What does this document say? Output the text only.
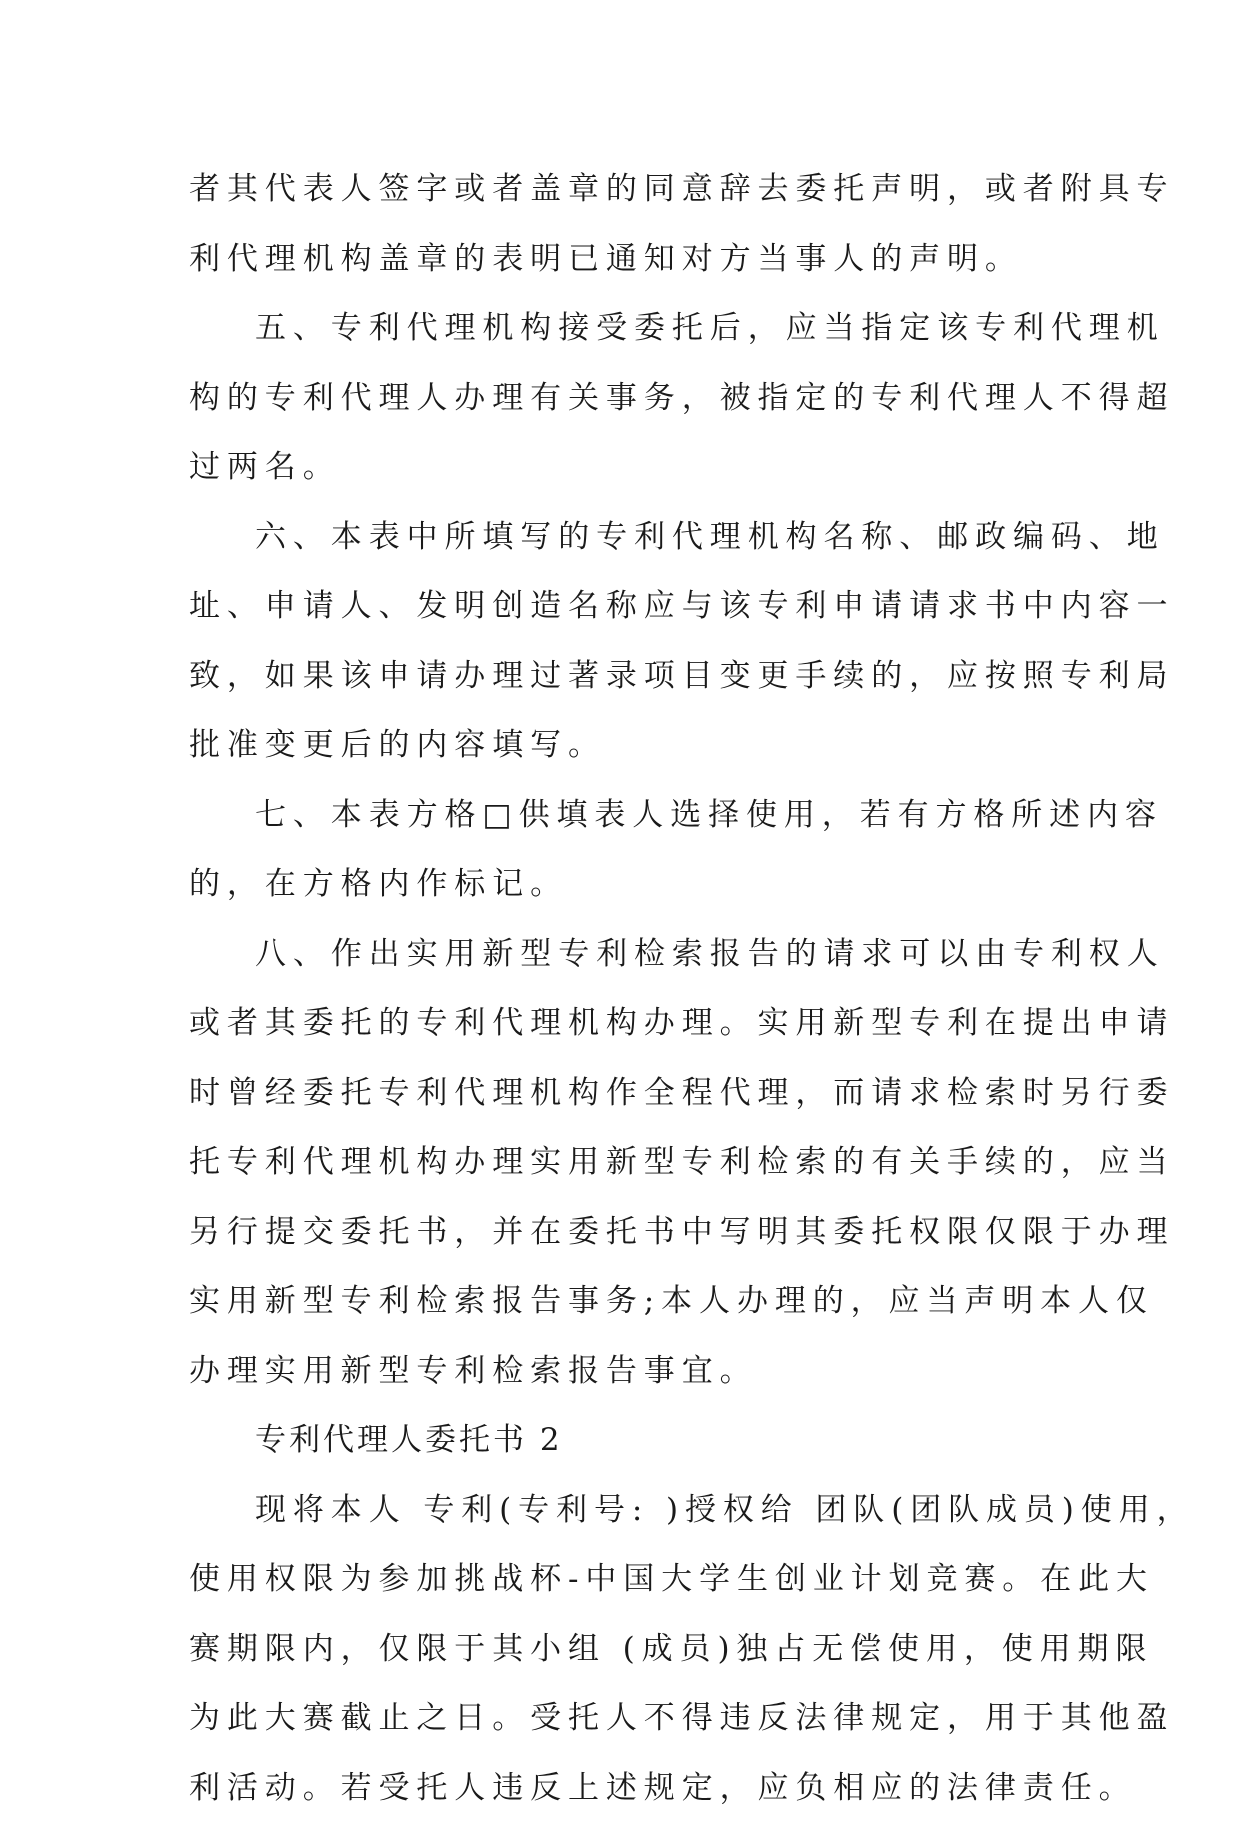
者其代表人签字或者盖章的同意辞去委托声明，或者附具专
利代理机构盖章的表明已通知对方当事人的声明。
五、专利代理机构接受委托后，应当指定该专利代理机
构的专利代理人办理有关事务，被指定的专利代理人不得超
过两名。
六、本表中所填写的专利代理机构名称、邮政编码、地
址、申请人、发明创造名称应与该专利申请请求书中内容一
致，如果该申请办理过著录项目变更手续的，应按照专利局
批准变更后的内容填写。
七、本表方格□供填表人选择使用，若有方格所述内容
的，在方格内作标记。
八、作出实用新型专利检索报告的请求可以由专利权人
或者其委托的专利代理机构办理。实用新型专利在提出申请
时曾经委托专利代理机构作全程代理，而请求检索时另行委
托专利代理机构办理实用新型专利检索的有关手续的，应当
另行提交委托书，并在委托书中写明其委托权限仅限于办理
实用新型专利检索报告事务;本人办理的，应当声明本人仅
办理实用新型专利检索报告事宜。
专利代理人委托书 2
现将本人 专利(专利号: )授权给 团队(团队成员)使用，
使用权限为参加挑战杯-中国大学生创业计划竞赛。在此大
赛期限内，仅限于其小组 (成员)独占无偿使用，使用期限
为此大赛截止之日。受托人不得违反法律规定，用于其他盈
利活动。若受托人违反上述规定，应负相应的法律责任。
